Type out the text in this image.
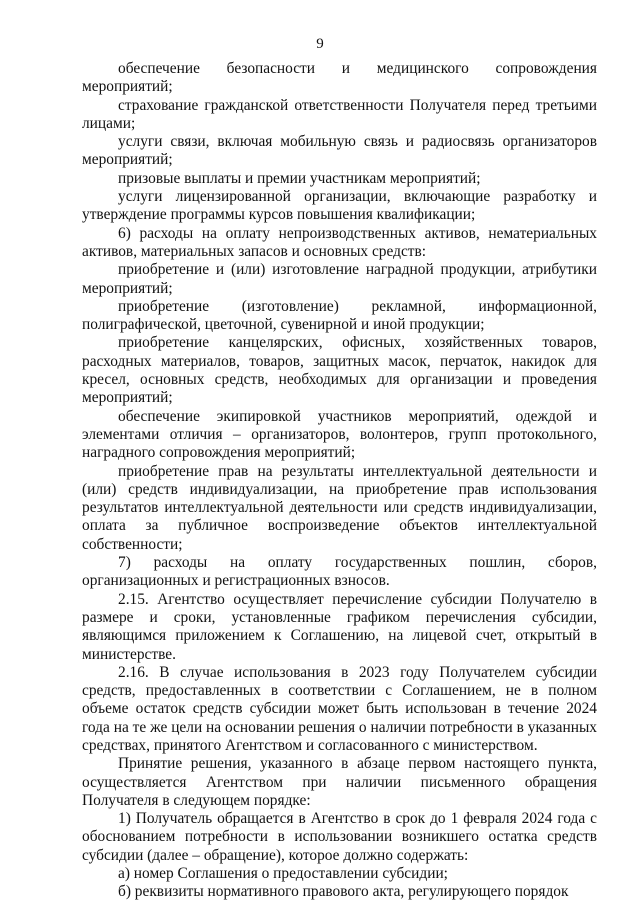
9

обеспечение безопасности и медицинского сопровождения мероприятий;

страхование гражданской ответственности Получателя перед третьими лицами;

услуги связи, включая мобильную связь и радиосвязь организаторов мероприятий;

призовые выплаты и премии участникам мероприятий;

услуги лицензированной организации, включающие разработку и утверждение программы курсов повышения квалификации;

6) расходы на оплату непроизводственных активов, нематериальных активов, материальных запасов и основных средств:

приобретение и (или) изготовление наградной продукции, атрибутики мероприятий;

приобретение (изготовление) рекламной, информационной, полиграфической, цветочной, сувенирной и иной продукции;

приобретение канцелярских, офисных, хозяйственных товаров, расходных материалов, товаров, защитных масок, перчаток, накидок для кресел, основных средств, необходимых для организации и проведения мероприятий;

обеспечение экипировкой участников мероприятий, одеждой и элементами отличия – организаторов, волонтеров, групп протокольного, наградного сопровождения мероприятий;

приобретение прав на результаты интеллектуальной деятельности и (или) средств индивидуализации, на приобретение прав использования результатов интеллектуальной деятельности или средств индивидуализации, оплата за публичное воспроизведение объектов интеллектуальной собственности;

7) расходы на оплату государственных пошлин, сборов, организационных и регистрационных взносов.

2.15. Агентство осуществляет перечисление субсидии Получателю в размере и сроки, установленные графиком перечисления субсидии, являющимся приложением к Соглашению, на лицевой счет, открытый в министерстве.

2.16. В случае использования в 2023 году Получателем субсидии средств, предоставленных в соответствии с Соглашением, не в полном объеме остаток средств субсидии может быть использован в течение 2024 года на те же цели на основании решения о наличии потребности в указанных средствах, принятого Агентством и согласованного с министерством.

Принятие решения, указанного в абзаце первом настоящего пункта, осуществляется Агентством при наличии письменного обращения Получателя в следующем порядке:

1) Получатель обращается в Агентство в срок до 1 февраля 2024 года с обоснованием потребности в использовании возникшего остатка средств субсидии (далее – обращение), которое должно содержать:

а) номер Соглашения о предоставлении субсидии;

б) реквизиты нормативного правового акта, регулирующего порядок
